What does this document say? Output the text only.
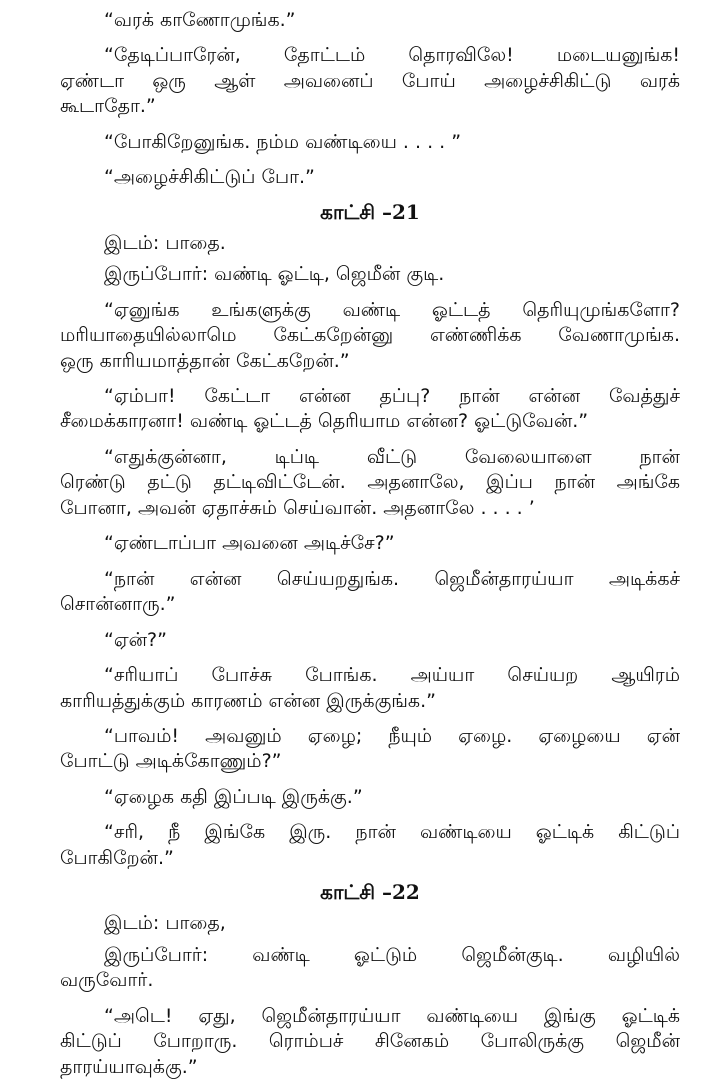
“வரக் காணோமுங்க.”
“தேடிப்பாரேன், தோட்டம் தொரவிலே! மடையனுங்க!
ஏண்டா ஒரு ஆள் அவனைப் போய் அழைச்சிகிட்டு வரக்
கூடாதோ.”
“போகிறேனுங்க. நம்ம வண்டியை . . . . ”
“அழைச்சிகிட்டுப் போ.”
காட்சி –21
இடம்: பாதை.
இருப்போர்: வண்டி ஓட்டி, ஜெமீன் குடி.
“ஏனுங்க உங்களுக்கு வண்டி ஓட்டத் தெரியுமுங்களோ?
மரியாதையில்லாமெ கேட்கறேன்னு எண்ணிக்க வேணாமுங்க.
ஒரு காரியமாத்தான் கேட்கறேன்.”
“ஏம்பா! கேட்டா என்ன தப்பு? நான் என்ன வேத்துச்
சீமைக்காரனா! வண்டி ஓட்டத் தெரியாம என்ன? ஓட்டுவேன்.”
“எதுக்குன்னா, டிப்டி வீட்டு வேலையாளை நான்
ரெண்டு தட்டு தட்டிவிட்டேன். அதனாலே, இப்ப நான் அங்கே
போனா, அவன் ஏதாச்சும் செய்வான். அதனாலே . . . . ’
“ஏண்டாப்பா அவனை அடிச்சே?”
“நான் என்ன செய்யறதுங்க. ஜெமீன்தாரய்யா அடிக்கச்
சொன்னாரு.”
“ஏன்?”
“சரியாப் போச்சு போங்க. அய்யா செய்யற ஆயிரம்
காரியத்துக்கும் காரணம் என்ன இருக்குங்க.”
“பாவம்! அவனும் ஏழை; நீயும் ஏழை. ஏழையை ஏன்
போட்டு அடிக்கோணும்?”
“ஏழைக கதி இப்படி இருக்கு.”
“சரி, நீ இங்கே இரு. நான் வண்டியை ஓட்டிக் கிட்டுப்
போகிறேன்.”
காட்சி –22
இடம்: பாதை,
இருப்போர்: வண்டி ஓட்டும் ஜெமீன்குடி. வழியில்
வருவோர்.
“அடெ! ஏது, ஜெமீன்தாரய்யா வண்டியை இங்கு ஓட்டிக்
கிட்டுப் போறாரு. ரொம்பச் சினேகம் போலிருக்கு ஜெமீன்
தாரய்யாவுக்கு.”
